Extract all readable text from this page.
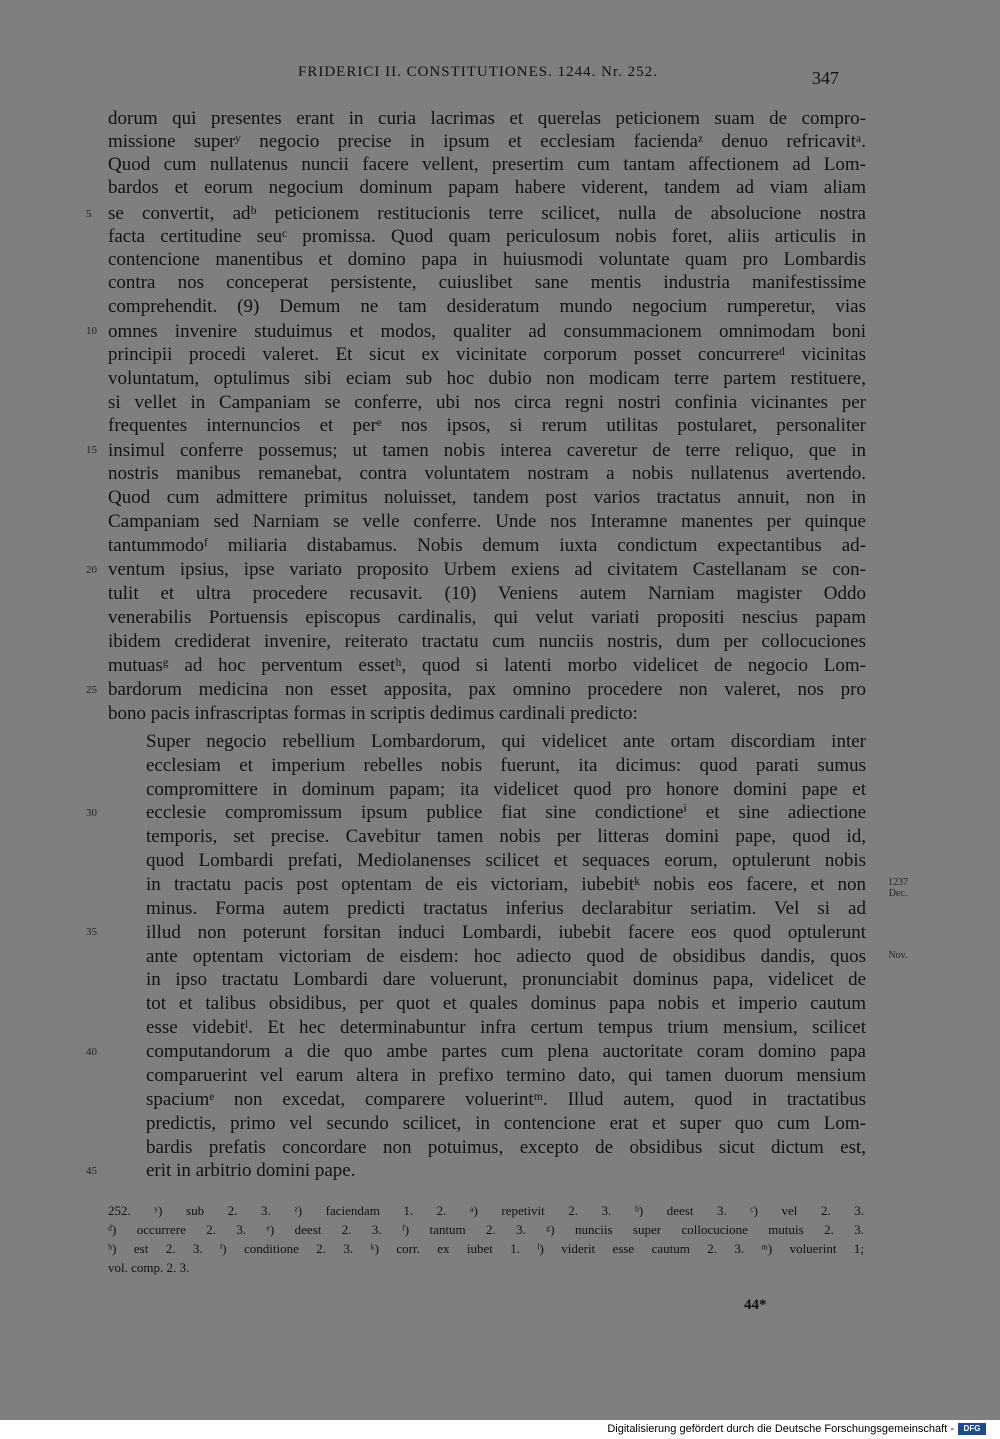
FRIDERICI II. CONSTITUTIONES. 1244. Nr. 252.	347
dorum qui presentes erant in curia lacrimas et querelas peticionem suam de compro-
missione superʸ negocio precise in ipsum et ecclesiam faciendaᶻ denuo refricavitᵃ.
Quod cum nullatenus nuncii facere vellent, presertim cum tantam affectionem ad Lom-
bardos et eorum negocium dominum papam habere viderent, tandem ad viam aliam
se convertit, adᵇ peticionem restitucionis terre scilicet, nulla de absolucione nostra
facta certitudine seuᶜ promissa. Quod quam periculosum nobis foret, aliis articulis in
contencione manentibus et domino papa in huiusmodi voluntate quam pro Lombardis
contra nos conceperat persistente, cuiuslibet sane mentis industria manifestissime
comprehendit. (9) Demum ne tam desideratum mundo negocium rumperetur, vias
omnes invenire studuimus et modos, qualiter ad consummacionem omnimodam boni
principii procedi valeret. Et sicut ex vicinitate corporum posset concurrereᵈ vicinitas
voluntatum, optulimus sibi eciam sub hoc dubio non modicam terre partem restituere,
si vellet in Campaniam se conferre, ubi nos circa regni nostri confinia vicinantes per
frequentes internuncios et perᵉ nos ipsos, si rerum utilitas postularet, personaliter
insimul conferre possemus; ut tamen nobis interea caveretur de terre reliquo, que in
nostris manibus remanebat, contra voluntatem nostram a nobis nullatenus avertendo.
Quod cum admittere primitus noluisset, tandem post varios tractatus annuit, non in
Campaniam sed Narniam se velle conferre. Unde nos Interamne manentes per quinque
tantummodoᶠ miliaria distabamus. Nobis demum iuxta condictum expectantibus ad-
ventum ipsius, ipse variato proposito Urbem exiens ad civitatem Castellanam se con-
tulit et ultra procedere recusavit. (10) Veniens autem Narniam magister Oddo
venerabilis Portuensis episcopus cardinalis, qui velut variati propositi nescius papam
ibidem crediderat invenire, reiterato tractatu cum nunciis nostris, dum per collocuciones
mutuasᵍ ad hoc perventum essetʰ, quod si latenti morbo videlicet de negocio Lom-
bardorum medicina non esset apposita, pax omnino procedere non valeret, nos pro
bono pacis infrascriptas formas in scriptis dedimus cardinali predicto:
Super negocio rebellium Lombardorum, qui videlicet ante ortam discordiam inter
ecclesiam et imperium rebelles nobis fuerunt, ita dicimus: quod parati sumus
compromittere in dominum papam; ita videlicet quod pro honore domini pape et
ecclesie compromissum ipsum publice fiat sine condictioneⁱ et sine adiectione
temporis, set precise. Cavebitur tamen nobis per litteras domini pape, quod id,
quod Lombardi prefati, Mediolanenses scilicet et sequaces eorum, optulerunt nobis
in tractatu pacis post optentam de eis victoriam, iubebitᵏ nobis eos facere, et non
minus. Forma autem predicti tractatus inferius declarabitur seriatim. Vel si ad
illud non poterunt forsitan induci Lombardi, iubebit facere eos quod optulerunt
ante optentam victoriam de eisdem: hoc adiecto quod de obsidibus dandis, quos
in ipso tractatu Lombardi dare voluerunt, pronunciabit dominus papa, videlicet de
tot et talibus obsidibus, per quot et quales dominus papa nobis et imperio cautum
esse videbitˡ. Et hec determinabuntur infra certum tempus trium mensium, scilicet
computandorum a die quo ambe partes cum plena auctoritate coram domino papa
comparuerint vel earum altera in prefixo termino dato, qui tamen duorum mensium
spaciumᵉ non excedat, comparere voluerintᵐ. Illud autem, quod in tractatibus
predictis, primo vel secundo scilicet, in contencione erat et super quo cum Lom-
bardis prefatis concordare non potuimus, excepto de obsidibus sicut dictum est,
erit in arbitrio domini pape.
5
10
15
20
25
30
35
40
45
1237
Dec.
Nov.
252. ʸ) sub 2. 3. ᶻ) faciendam 1. 2. ᵃ) repetivit 2. 3. ᵇ) deest 3. ᶜ) vel 2. 3.
ᵈ) occurrere 2. 3. ᵉ) deest 2. 3. ᶠ) tantum 2. 3. ᵍ) nunciis super collocucione mutuis 2. 3.
ʰ) est 2. 3. ⁱ) conditione 2. 3. ᵏ) corr. ex iubet 1. ˡ) viderit esse cautum 2. 3. ᵐ) voluerint 1;
vol. comp. 2. 3.
44*
Digitalisierung gefördert durch die Deutsche Forschungsgemeinschaft -	DFG
